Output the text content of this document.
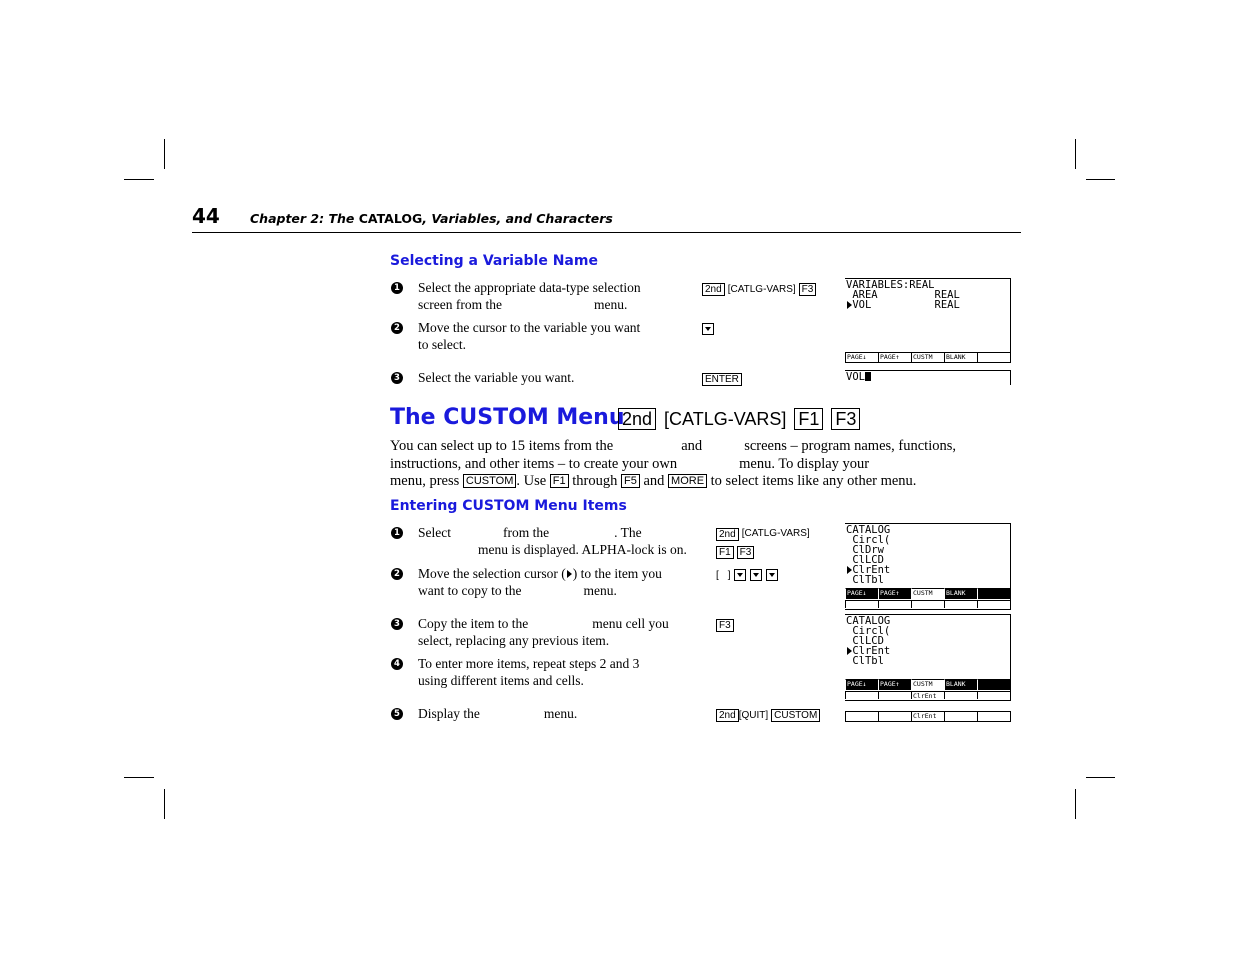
44 Chapter 2: The CATALOG, Variables, and Characters
Selecting a Variable Name
1 Select the appropriate data-type selection
screen from the	menu.
2nd [CATLG-VARS] F3
2 Move the cursor to the variable you want
to select.
3 Select the variable you want.	ENTER
VARIABLES:REAL
AREA         REAL
VOL          REAL
PAGE↓	PAGE↑	CUSTM	BLANK
VOL
The CUSTOM Menu
2nd [CATLG-VARS] F1 F3
You can select up to 15 items from the	and	screens – program names, functions,
instructions, and other items – to create your own	menu. To display your
menu, press CUSTOM . Use F1 through F5 and MORE to select items like any other menu.
Entering CUSTOM Menu Items
1 Select	from the	. The
menu is displayed. ALPHA-lock is on.
2nd [CATLG-VARS]
F1 F3
2 Move the selection cursor ( ) to the item you
want to copy to the	menu.
[ ]
3 Copy the item to the	menu cell you
select, replacing any previous item.
F3
4 To enter more items, repeat steps 2 and 3
using different items and cells.
5 Display the	menu.	2nd [QUIT] CUSTOM
CATALOG
Circl(
ClDrw
ClLCD
ClrEnt
ClTbl
PAGE↓	PAGE↑	CUSTM	BLANK
CATALOG
Circl(
ClLCD
ClrEnt
ClTbl
PAGE↓	PAGE↑	CUSTM	BLANK
ClrEnt
ClrEnt
